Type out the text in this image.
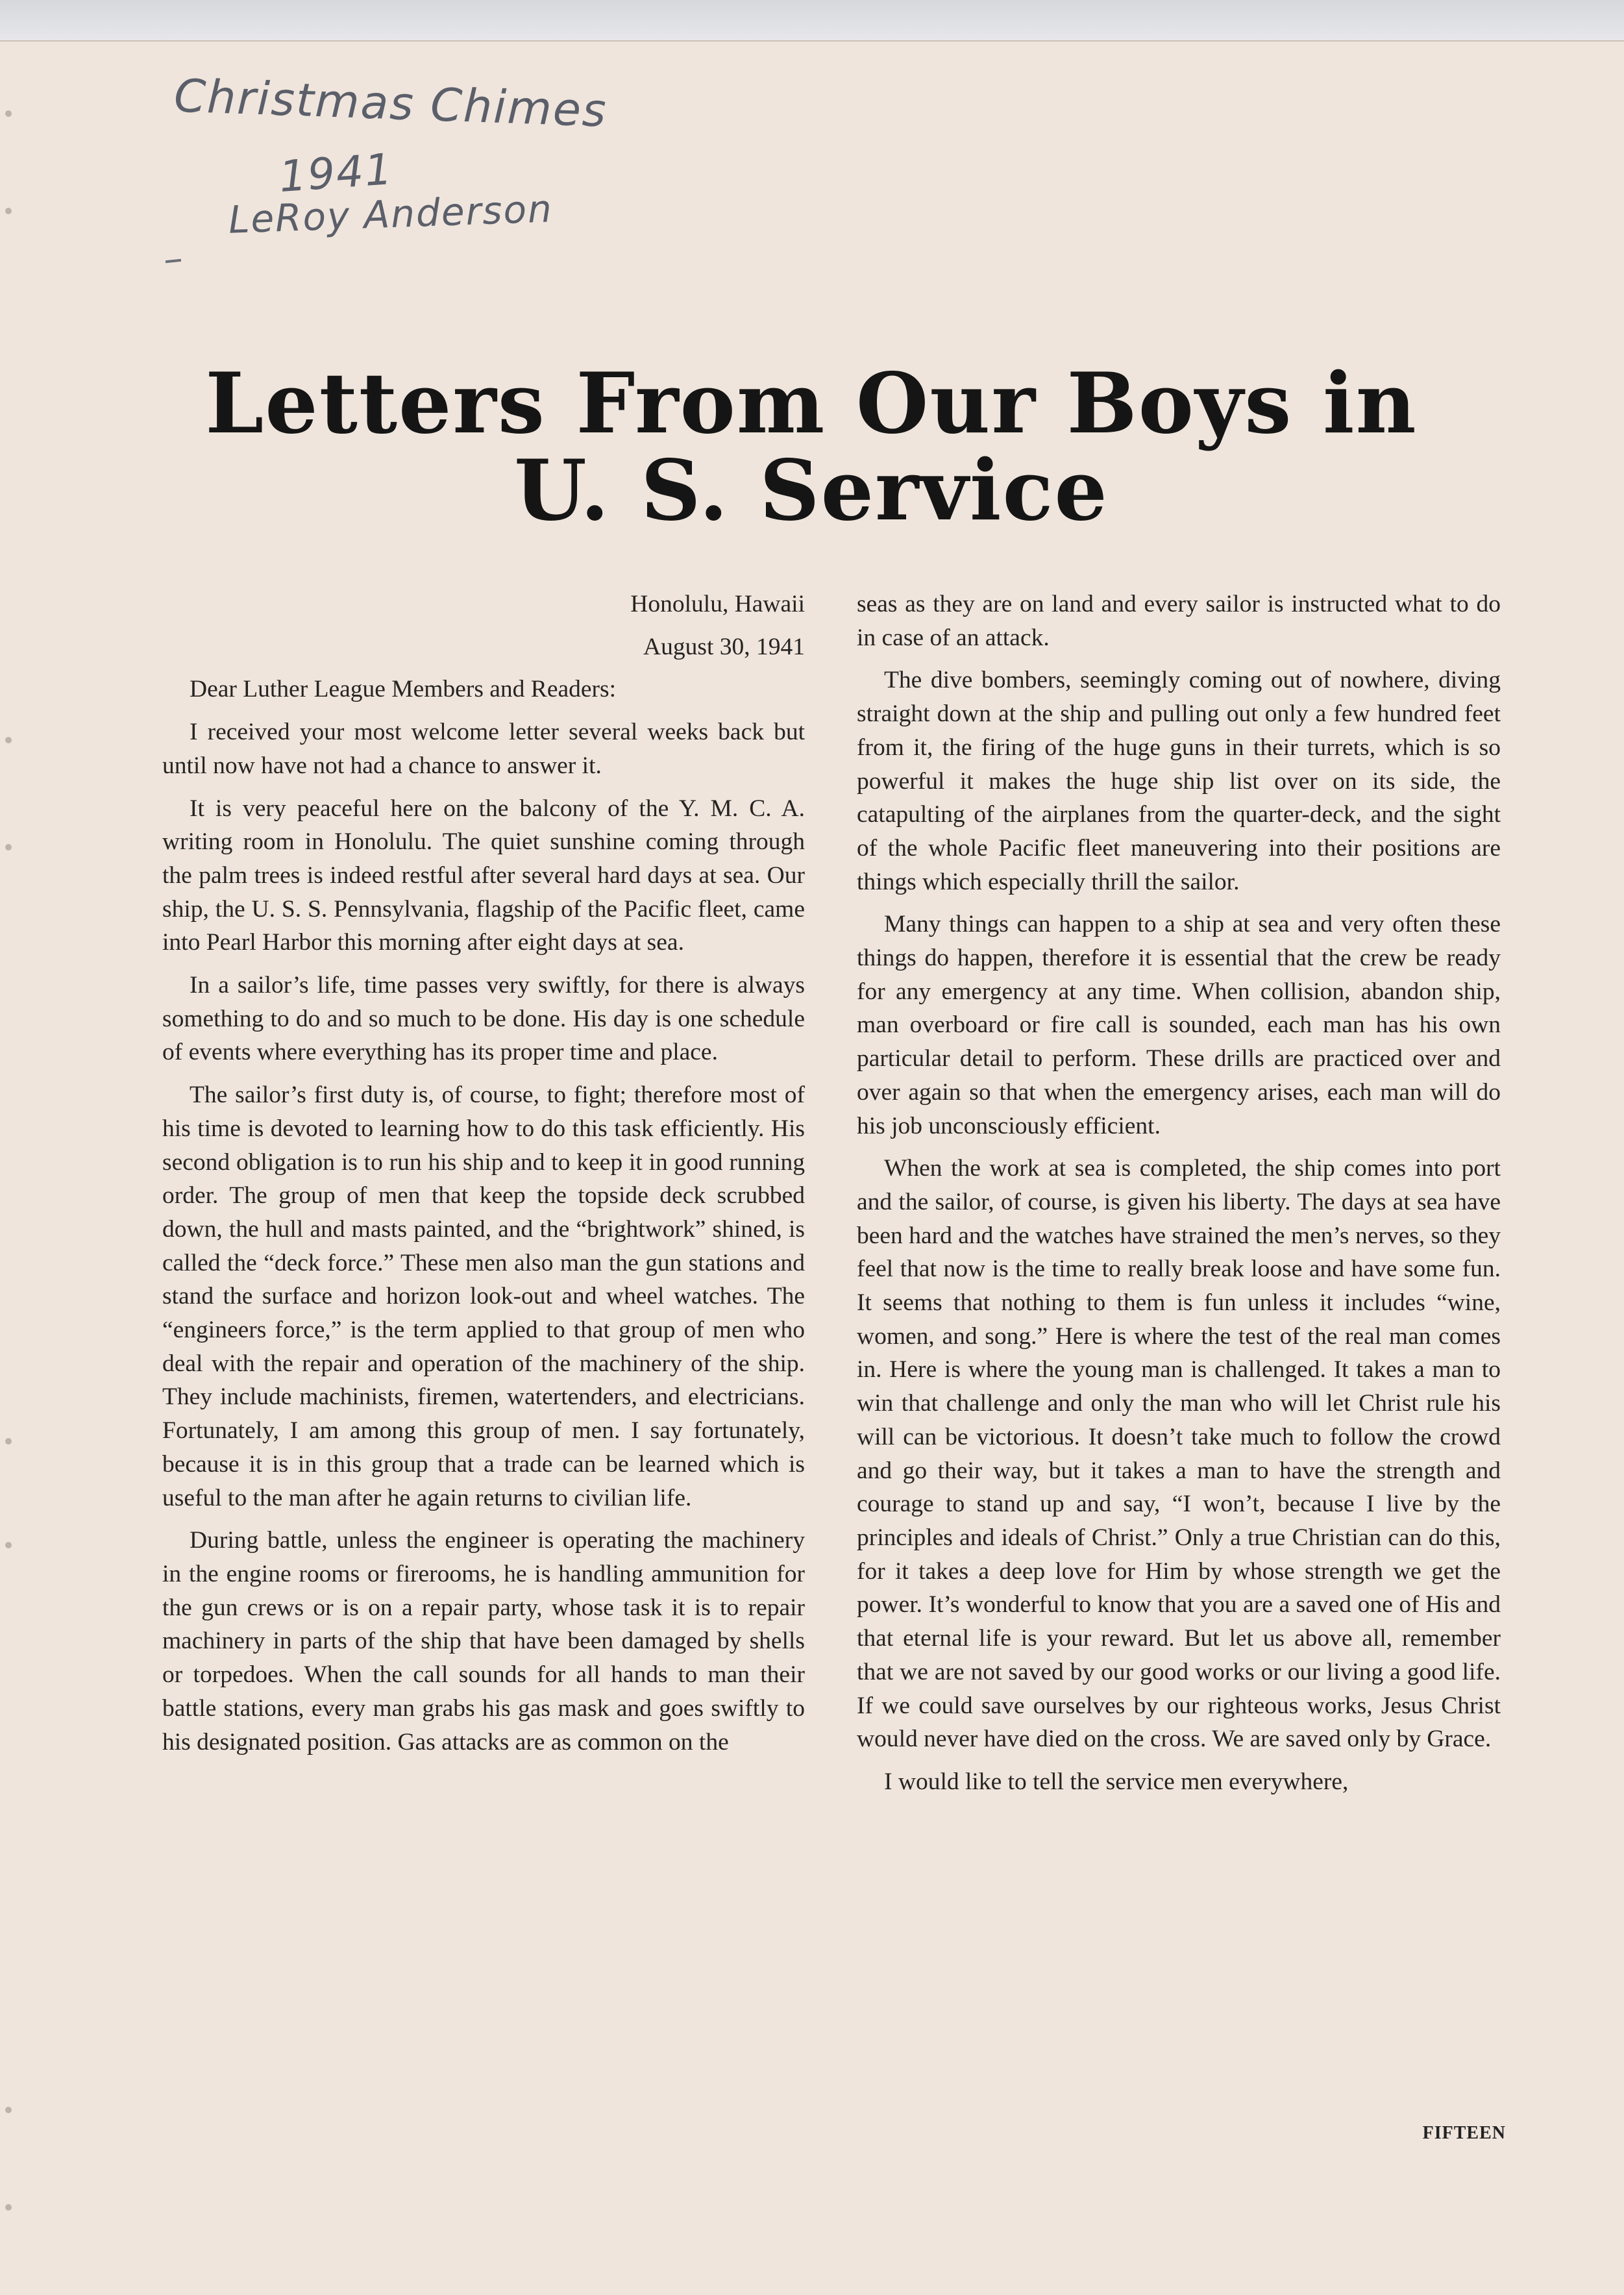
Christmas Chimes
1941
LeRoy Anderson
Letters From Our Boys in
U. S. Service

Honolulu, Hawaii

August 30, 1941

Dear Luther League Members and Readers:

I received your most welcome letter several weeks back but until now have not had a chance to answer it.

It is very peaceful here on the balcony of the Y. M. C. A. writing room in Honolulu. The quiet sunshine coming through the palm trees is indeed restful after several hard days at sea. Our ship, the U. S. S. Pennsylvania, flagship of the Pacific fleet, came into Pearl Harbor this morning after eight days at sea.

In a sailor’s life, time passes very swiftly, for there is always something to do and so much to be done. His day is one schedule of events where everything has its proper time and place.

The sailor’s first duty is, of course, to fight; therefore most of his time is devoted to learning how to do this task efficiently. His second obligation is to run his ship and to keep it in good running order. The group of men that keep the topside deck scrubbed down, the hull and masts painted, and the “brightwork” shined, is called the “deck force.” These men also man the gun stations and stand the surface and horizon look-out and wheel watches. The “engineers force,” is the term applied to that group of men who deal with the repair and operation of the machinery of the ship. They include machinists, firemen, watertenders, and electricians. Fortunately, I am among this group of men. I say fortunately, because it is in this group that a trade can be learned which is useful to the man after he again returns to civilian life.

During battle, unless the engineer is operating the machinery in the engine rooms or firerooms, he is handling ammunition for the gun crews or is on a repair party, whose task it is to repair machinery in parts of the ship that have been damaged by shells or torpedoes. When the call sounds for all hands to man their battle stations, every man grabs his gas mask and goes swiftly to his designated position. Gas attacks are as common on the

seas as they are on land and every sailor is instructed what to do in case of an attack.

The dive bombers, seemingly coming out of nowhere, diving straight down at the ship and pulling out only a few hundred feet from it, the firing of the huge guns in their turrets, which is so powerful it makes the huge ship list over on its side, the catapulting of the airplanes from the quarter-deck, and the sight of the whole Pacific fleet maneuvering into their positions are things which especially thrill the sailor.

Many things can happen to a ship at sea and very often these things do happen, therefore it is essential that the crew be ready for any emergency at any time. When collision, abandon ship, man overboard or fire call is sounded, each man has his own particular detail to perform. These drills are practiced over and over again so that when the emergency arises, each man will do his job unconsciously efficient.

When the work at sea is completed, the ship comes into port and the sailor, of course, is given his liberty. The days at sea have been hard and the watches have strained the men’s nerves, so they feel that now is the time to really break loose and have some fun. It seems that nothing to them is fun unless it includes “wine, women, and song.” Here is where the test of the real man comes in. Here is where the young man is challenged. It takes a man to win that challenge and only the man who will let Christ rule his will can be victorious. It doesn’t take much to follow the crowd and go their way, but it takes a man to have the strength and courage to stand up and say, “I won’t, because I live by the principles and ideals of Christ.” Only a true Christian can do this, for it takes a deep love for Him by whose strength we get the power. It’s wonderful to know that you are a saved one of His and that eternal life is your reward. But let us above all, remember that we are not saved by our good works or our living a good life. If we could save ourselves by our righteous works, Jesus Christ would never have died on the cross. We are saved only by Grace.

I would like to tell the service men everywhere,

FIFTEEN
